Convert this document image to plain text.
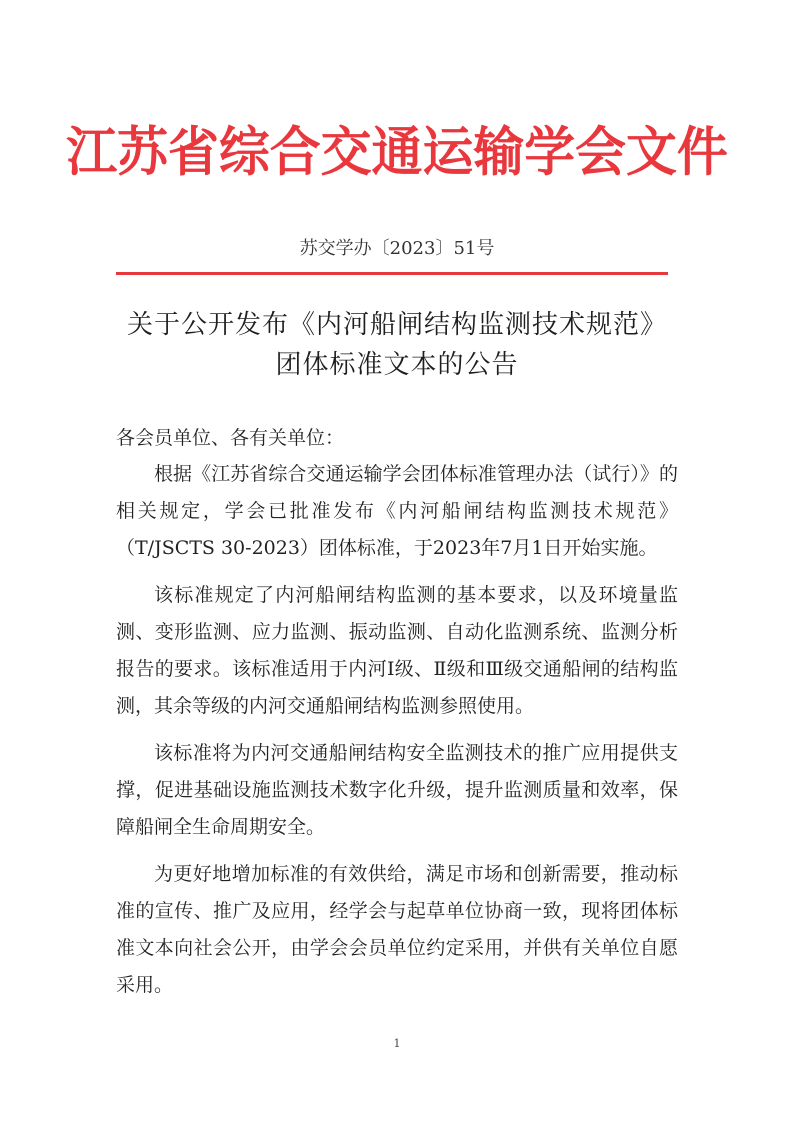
江苏省综合交通运输学会文件
苏交学办〔2023〕51号
关于公开发布《内河船闸结构监测技术规范》
团体标准文本的公告
各会员单位、各有关单位：

根据《江苏省综合交通运输学会团体标准管理办法（试行）》的相关规定，学会已批准发布《内河船闸结构监测技术规范》（T/JSCTS 30-2023）团体标准，于2023年7月1日开始实施。

该标准规定了内河船闸结构监测的基本要求，以及环境量监测、变形监测、应力监测、振动监测、自动化监测系统、监测分析报告的要求。该标准适用于内河Ⅰ级、Ⅱ级和Ⅲ级交通船闸的结构监测，其余等级的内河交通船闸结构监测参照使用。

该标准将为内河交通船闸结构安全监测技术的推广应用提供支撑，促进基础设施监测技术数字化升级，提升监测质量和效率，保障船闸全生命周期安全。

为更好地增加标准的有效供给，满足市场和创新需要，推动标准的宣传、推广及应用，经学会与起草单位协商一致，现将团体标准文本向社会公开，由学会会员单位约定采用，并供有关单位自愿采用。

1
